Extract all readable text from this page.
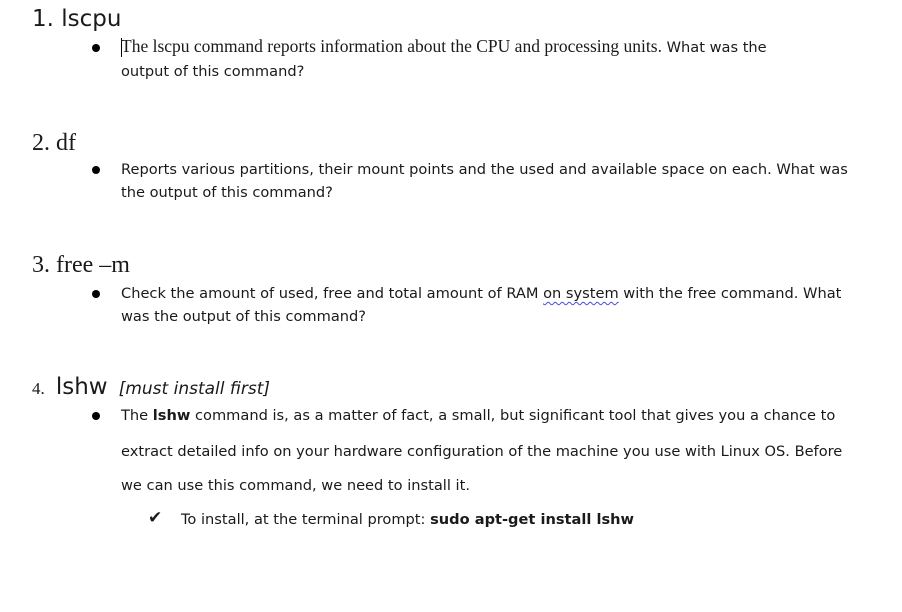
1. lscpu
The lscpu command reports information about the CPU and processing units. What was the
output of this command?
2. df
Reports various partitions, their mount points and the used and available space on each. What was
the output of this command?
3. free –m
Check the amount of used, free and total amount of RAM on system with the free command. What
was the output of this command?
4. lshw [must install first]
The lshw command is, as a matter of fact, a small, but significant tool that gives you a chance to
extract detailed info on your hardware configuration of the machine you use with Linux OS. Before
we can use this command, we need to install it.
✔ To install, at the terminal prompt: sudo apt-get install lshw
